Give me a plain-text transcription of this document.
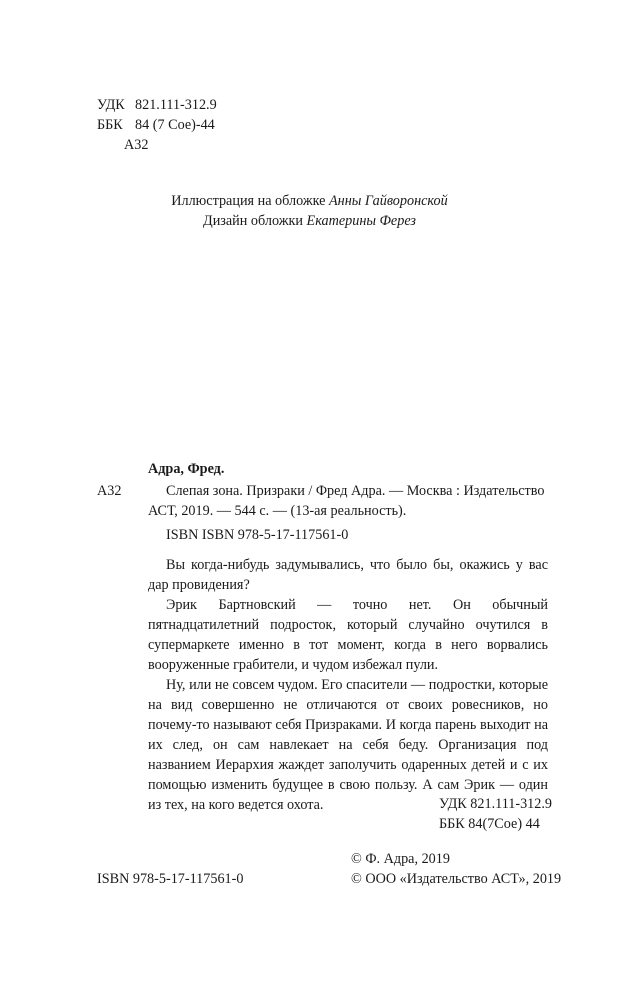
УДК 821.111-312.9
ББК 84 (7 Сое)-44
А32
Иллюстрация на обложке Анны Гайворонской
Дизайн обложки Екатерины Ферез
Адра, Фред.
А32	Слепая зона. Призраки / Фред Адра. — Москва : Издательство
АСТ, 2019. — 544 с. — (13-ая реальность).
ISBN ISBN 978-5-17-117561-0

Вы когда-нибудь задумывались, что было бы, окажись у вас дар провидения?

Эрик Бартновский — точно нет. Он обычный пятнадцатилетний подросток, который случайно очутился в супермаркете именно в тот момент, когда в него ворвались вооруженные грабители, и чудом избежал пули.

Ну, или не совсем чудом. Его спасители — подростки, которые на вид совершенно не отличаются от своих ровесников, но почему-то называют себя Призраками. И когда парень выходит на их след, он сам навлекает на себя беду. Организация под названием Иерархия жаждет заполучить одаренных детей и с их помощью изменить будущее в свою пользу. А сам Эрик — один из тех, на кого ведется охота.	УДК 821.111-312.9
ББК 84(7Сое) 44
© Ф. Адра, 2019
ISBN 978-5-17-117561-0	© ООО «Издательство АСТ», 2019
